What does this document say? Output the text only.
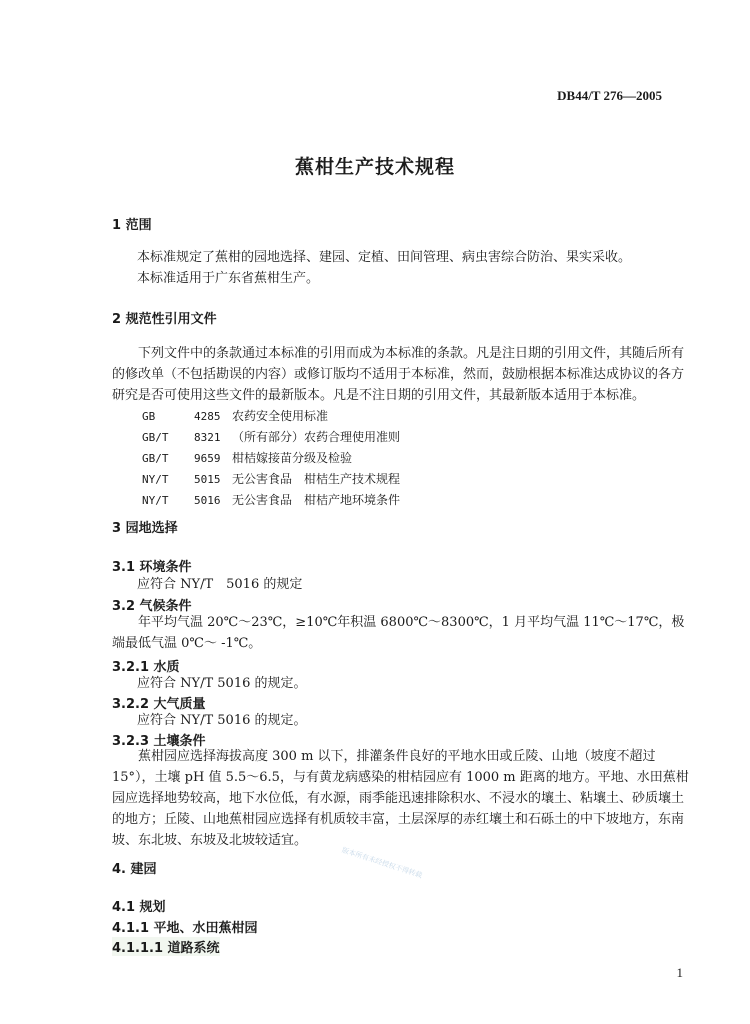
DB44/T 276—2005
蕉柑生产技术规程
1 范围
本标准规定了蕉柑的园地选择、建园、定植、田间管理、病虫害综合防治、果实采收。
本标准适用于广东省蕉柑生产。
2 规范性引用文件
下列文件中的条款通过本标准的引用而成为本标准的条款。凡是注日期的引用文件，其随后所有的修改单（不包括勘误的内容）或修订版均不适用于本标准，然而，鼓励根据本标准达成协议的各方研究是否可使用这些文件的最新版本。凡是不注日期的引用文件，其最新版本适用于本标准。
GB	4285 农药安全使用标准
GB/T 8321 （所有部分）农药合理使用准则
GB/T 9659 柑桔嫁接苗分级及检验
NY/T 5015 无公害食品　柑桔生产技术规程
NY/T 5016 无公害食品　柑桔产地环境条件
3 园地选择
3.1 环境条件
应符合 NY/T　5016 的规定
3.2 气候条件
年平均气温 20℃～23℃，≥10℃年积温 6800℃～8300℃，1 月平均气温 11℃～17℃，极端最低气温 0℃～ -1℃。
3.2.1 水质
应符合 NY/T 5016 的规定。
3.2.2 大气质量
应符合 NY/T 5016 的规定。
3.2.3 土壤条件
蕉柑园应选择海拔高度 300 m 以下，排灌条件良好的平地水田或丘陵、山地（坡度不超过 15°），土壤 pH 值 5.5～6.5，与有黄龙病感染的柑桔园应有 1000 m 距离的地方。平地、水田蕉柑园应选择地势较高，地下水位低，有水源，雨季能迅速排除积水、不浸水的壤土、粘壤土、砂质壤土的地方；丘陵、山地蕉柑园应选择有机质较丰富，土层深厚的赤红壤土和石砾土的中下坡地方，东南坡、东北坡、东坡及北坡较适宜。
版本所有未经授权不得转载
4. 建园
4.1 规划
4.1.1 平地、水田蕉柑园
4.1.1.1 道路系统
1
